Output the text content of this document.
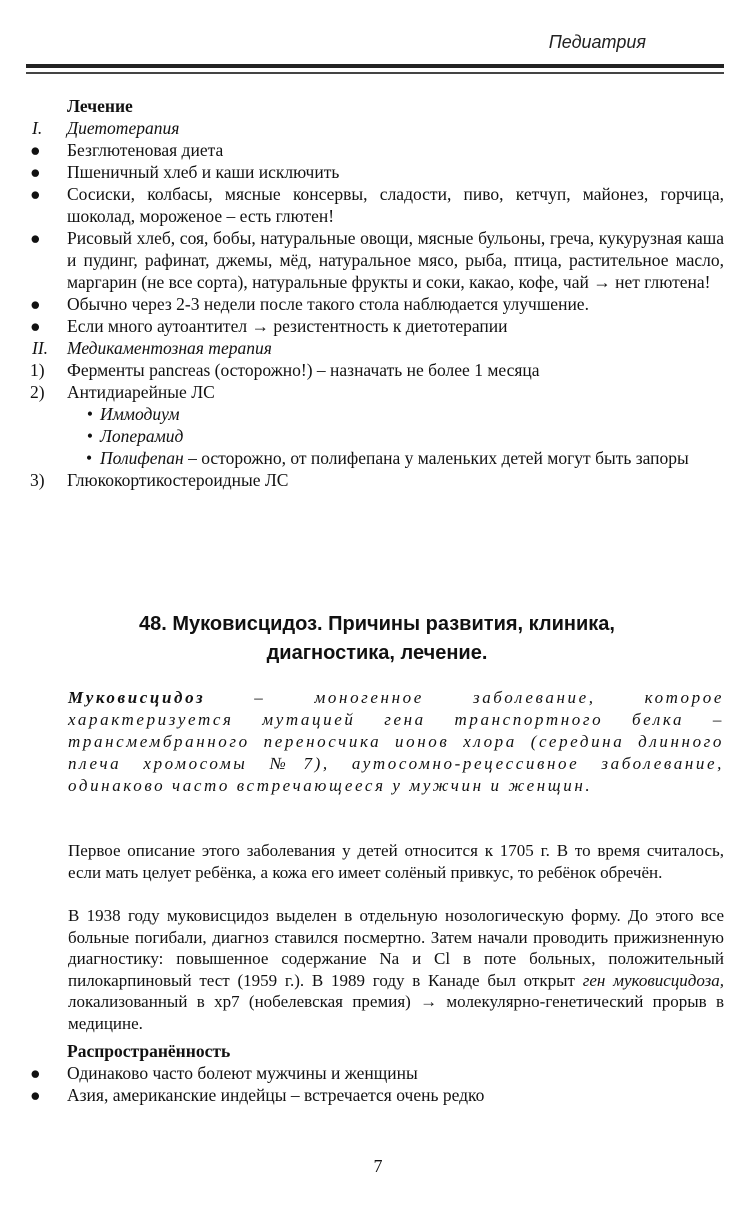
Педиатрия
Лечение
I. Диетотерапия
● Безглютеновая диета
● Пшеничный хлеб и каши исключить
● Сосиски, колбасы, мясные консервы, сладости, пиво, кетчуп, майонез, горчица, шоколад, мороженое – есть глютен!
● Рисовый хлеб, соя, бобы, натуральные овощи, мясные бульоны, греча, кукурузная каша и пудинг, рафинат, джемы, мёд, натуральное мясо, рыба, птица, растительное масло, маргарин (не все сорта), натуральные фрукты и соки, какао, кофе, чай → нет глютена!
● Обычно через 2-3 недели после такого стола наблюдается улучшение.
● Если много аутоантител → резистентность к диетотерапии
II. Медикаментозная терапия
1) Ферменты pancreas (осторожно!) – назначать не более 1 месяца
2) Антидиарейные ЛС
• Иммодиум
• Лоперамид
• Полифепан – осторожно, от полифепана у маленьких детей могут быть запоры
3) Глюкокортикостероидные ЛС
48. Муковисцидоз. Причины развития, клиника,
диагностика, лечение.
Муковисцидоз – моногенное заболевание, которое характеризуется мутацией гена транспортного белка – трансмембранного переносчика ионов хлора (середина длинного плеча хромосомы №7), аутосомно-рецессивное заболевание, одинаково часто встречающееся у мужчин и женщин.
Первое описание этого заболевания у детей относится к 1705 г. В то время считалось, если мать целует ребёнка, а кожа его имеет солёный привкус, то ребёнок обречён.
В 1938 году муковисцидоз выделен в отдельную нозологическую форму. До этого все больные погибали, диагноз ставился посмертно. Затем начали проводить прижизненную диагностику: повышенное содержание Na и Cl в поте больных, положительный пилокарпиновый тест (1959 г.). В 1989 году в Канаде был открыт ген муковисцидоза, локализованный в xp7 (нобелевская премия) → молекулярно-генетический прорыв в медицине.
Распространённость
● Одинаково часто болеют мужчины и женщины
● Азия, американские индейцы – встречается очень редко
7
